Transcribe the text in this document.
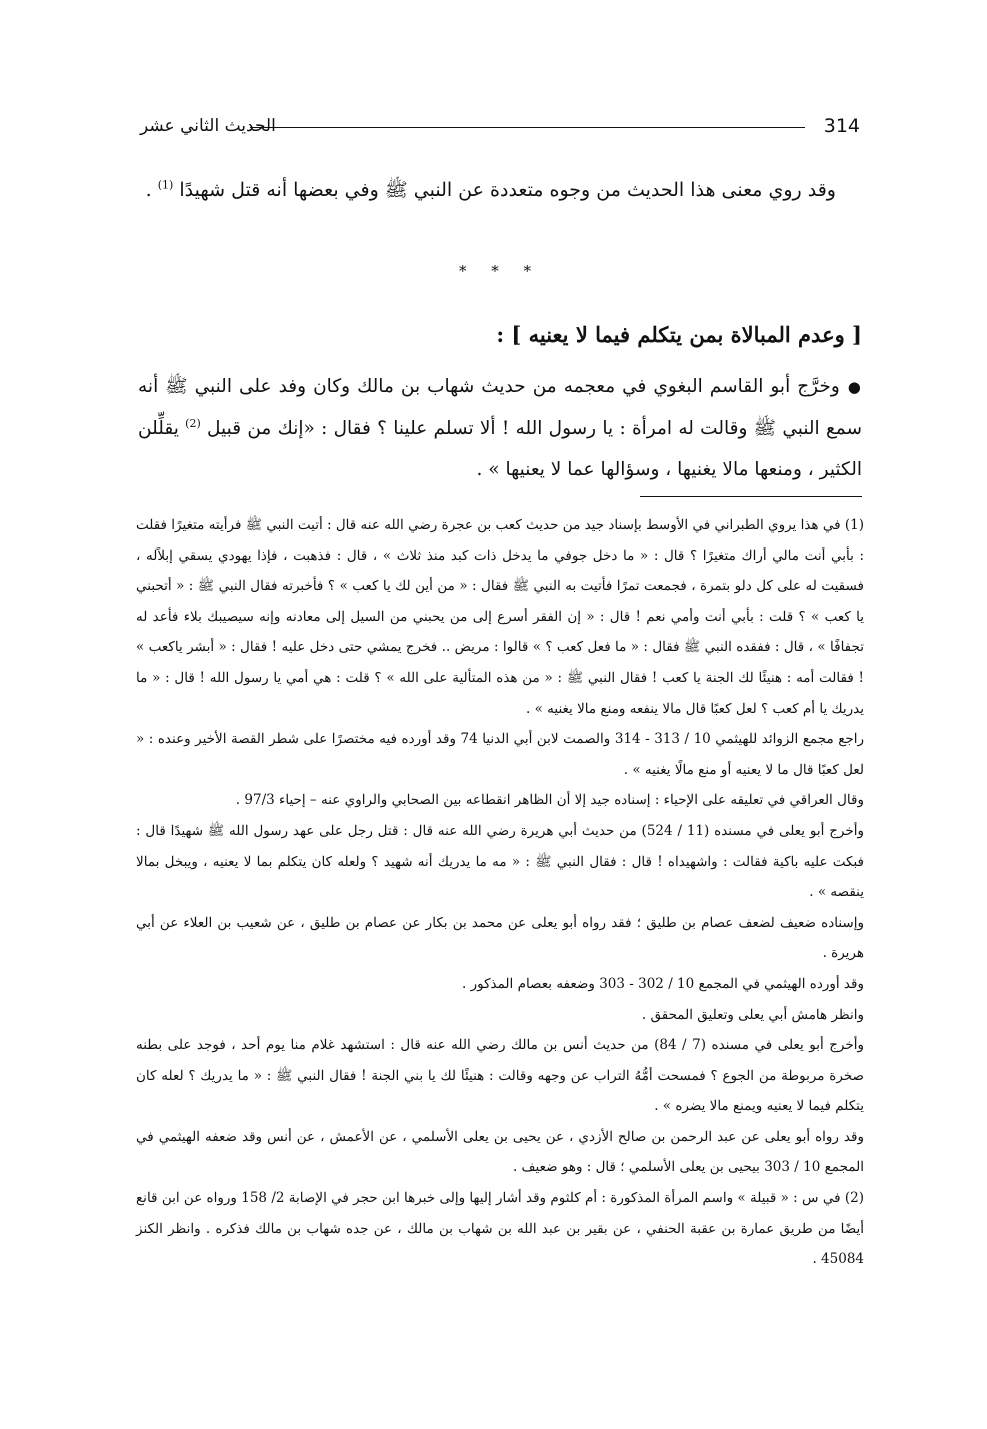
314
الحديث الثاني عشر
وقد روي معنى هذا الحديث من وجوه متعددة عن النبي ﷺ وفي بعضها أنه قتل شهيدًا $^{(1)}$ .
* * *
[ وعدم المبالاة بمن يتكلم فيما لا يعنيه ] :
●وخرَّج أبو القاسم البغوي في معجمه من حديث شهاب بن مالك وكان وفد على النبي ﷺ أنه سمع النبي ﷺ وقالت له امرأة : يا رسول الله ! ألا تسلم علينا ؟ فقال : «إنك من قبيل $^{(2)}$ يقلِّلن الكثير ، ومنعها مالا يغنيها ، وسؤالها عما لا يعنيها » .

(1) في هذا يروي الطبراني في الأوسط بإسناد جيد من حديث كعب بن عجرة رضي الله عنه قال : أتيت النبي ﷺ فرأيته متغيرًا فقلت : بأبي أنت مالي أراك متغيرًا ؟ قال : « ما دخل جوفي ما يدخل ذات كبد منذ ثلاث » ، قال : فذهبت ، فإذا يهودي يسقي إبلاًله ، فسقيت له على كل دلو بتمرة ، فجمعت تمرًا فأتيت به النبي ﷺ فقال : « من أين لك يا كعب » ؟ فأخبرته فقال النبي ﷺ : « أتحبني يا كعب » ؟ قلت : بأبي أنت وأمي نعم ! قال : « إن الفقر أسرع إلى من يحبني من السيل إلى معادنه وإنه سيصيبك بلاء فأعد له تجفافًا » ، قال : ففقده النبي ﷺ فقال : « ما فعل كعب ؟ » قالوا : مريض .. فخرج يمشي حتى دخل عليه ! فقال : « أبشر ياكعب » ! فقالت أمه : هنيئًا لك الجنة يا كعب ! فقال النبي ﷺ : « من هذه المتألية على الله » ؟ قلت : هي أمي يا رسول الله ! قال : « ما يدريك يا أم كعب ؟ لعل كعبًا قال مالا ينفعه ومنع مالا يغنيه » .

راجع مجمع الزوائد للهيثمي 10 / 313 - 314 والصمت لابن أبي الدنيا 74 وقد أورده فيه مختصرًا على شطر القصة الأخير وعنده : « لعل كعبًا قال ما لا يعنيه أو منع مالًا يغنيه » .

وقال العراقي في تعليقه على الإحياء : إسناده جيد إلا أن الظاهر انقطاعه بين الصحابي والراوي عنه – إحياء 97/3 .

وأخرج أبو يعلى في مسنده (11 / 524) من حديث أبي هريرة رضي الله عنه قال : قتل رجل على عهد رسول الله ﷺ شهيدًا قال : فبكت عليه باكية فقالت : واشهيداه ! قال : فقال النبي ﷺ : « مه ما يدريك أنه شهيد ؟ ولعله كان يتكلم بما لا يعنيه ، ويبخل بمالا ينقصه » .

وإسناده ضعيف لضعف عصام بن طليق ؛ فقد رواه أبو يعلى عن محمد بن بكار عن عصام بن طليق ، عن شعيب بن العلاء عن أبي هريرة .

وقد أورده الهيثمي في المجمع 10 / 302 - 303 وضعفه بعصام المذكور .

وانظر هامش أبي يعلى وتعليق المحقق .

وأخرج أبو يعلى في مسنده (7 / 84) من حديث أنس بن مالك رضي الله عنه قال : استشهد غلام منا يوم أحد ، فوجد على بطنه صخرة مربوطة من الجوع ؟ فمسحت أمُّهُ التراب عن وجهه وقالت : هنيئًا لك يا بني الجنة ! فقال النبي ﷺ : « ما يدريك ؟ لعله كان يتكلم فيما لا يعنيه ويمنع مالا يضره » .

وقد رواه أبو يعلى عن عبد الرحمن بن صالح الأزدي ، عن يحيى بن يعلى الأسلمي ، عن الأعمش ، عن أنس وقد ضعفه الهيثمي في المجمع 10 / 303 بيحيى بن يعلى الأسلمي ؛ قال : وهو ضعيف .

(2) في س : « قبيلة » واسم المرأة المذكورة : أم كلثوم وقد أشار إليها وإلى خبرها ابن حجر في الإصابة 2/ 158 ورواه عن ابن قانع أيضًا من طريق عمارة بن عقبة الحنفي ، عن بقير بن عبد الله بن شهاب بن مالك ، عن جده شهاب بن مالك فذكره . وانظر الكنز 45084 .
